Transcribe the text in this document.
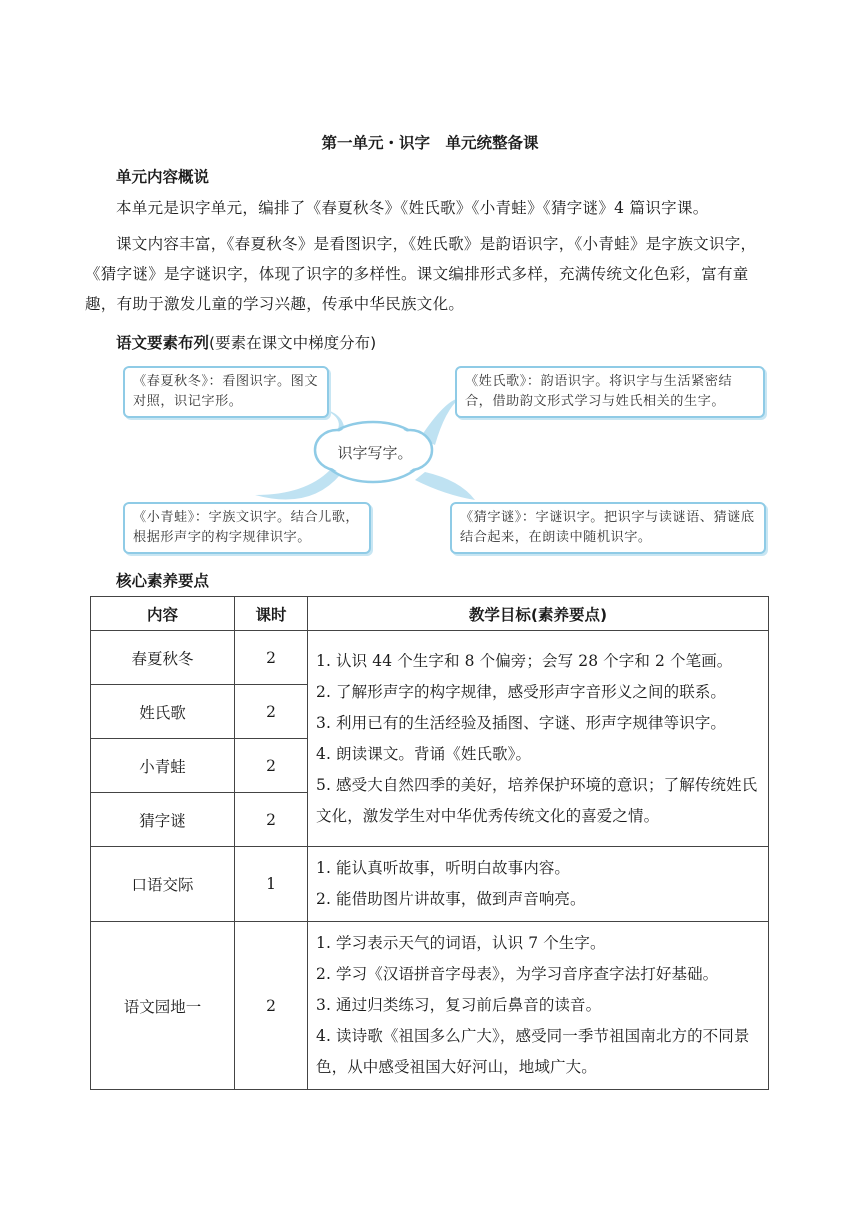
第一单元・识字　单元统整备课
单元内容概说
本单元是识字单元，编排了《春夏秋冬》《姓氏歌》《小青蛙》《猜字谜》4 篇识字课。
课文内容丰富，《春夏秋冬》是看图识字，《姓氏歌》是韵语识字，《小青蛙》是字族文识字，《猜字谜》是字谜识字，体现了识字的多样性。课文编排形式多样，充满传统文化色彩，富有童趣，有助于激发儿童的学习兴趣，传承中华民族文化。
语文要素布列(要素在课文中梯度分布)
识字写字。
《春夏秋冬》：看图识字。图文对照，识记字形。
《姓氏歌》：韵语识字。将识字与生活紧密结合，借助韵文形式学习与姓氏相关的生字。
《小青蛙》：字族文识字。结合儿歌，根据形声字的构字规律识字。
《猜字谜》：字谜识字。把识字与读谜语、猜谜底结合起来，在朗读中随机识字。
核心素养要点
内容	课时	教学目标(素养要点)
春夏秋冬	2	1. 认识 44 个生字和 8 个偏旁；会写 28 个字和 2 个笔画。
2. 了解形声字的构字规律，感受形声字音形义之间的联系。
3. 利用已有的生活经验及插图、字谜、形声字规律等识字。
4. 朗读课文。背诵《姓氏歌》。
5. 感受大自然四季的美好，培养保护环境的意识；了解传统姓氏文化，激发学生对中华优秀传统文化的喜爱之情。

姓氏歌	2	
小青蛙	2	
猜字谜	2	
口语交际	1	1. 能认真听故事，听明白故事内容。
2. 能借助图片讲故事，做到声音响亮。

语文园地一	2	1. 学习表示天气的词语，认识 7 个生字。
2. 学习《汉语拼音字母表》，为学习音序查字法打好基础。
3. 通过归类练习，复习前后鼻音的读音。
4. 读诗歌《祖国多么广大》，感受同一季节祖国南北方的不同景色，从中感受祖国大好河山，地域广大。
